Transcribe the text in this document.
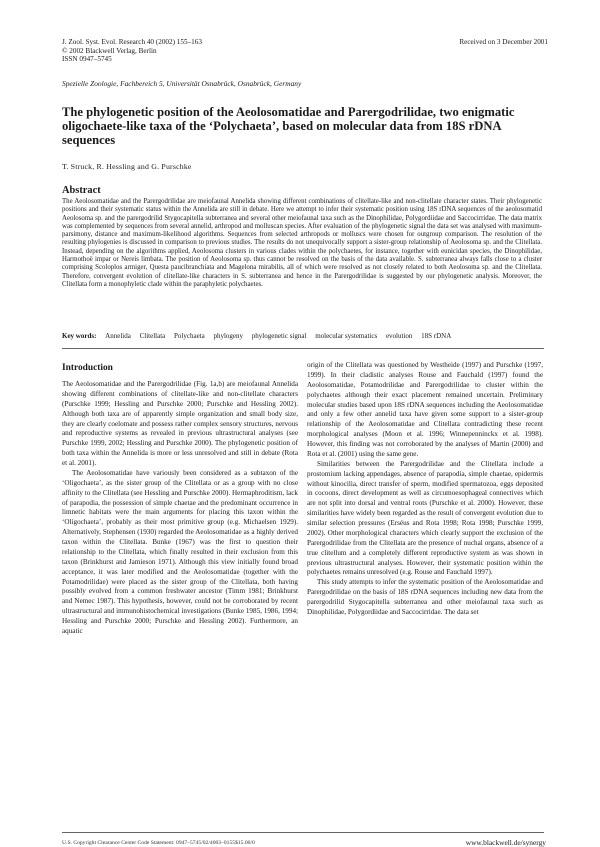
J. Zool. Syst. Evol. Research 40 (2002) 155–163
© 2002 Blackwell Verlag, Berlin
ISSN 0947–5745
Received on 3 December 2001
Spezielle Zoologie, Fachbereich 5, Universität Osnabrück, Osnabrück, Germany
The phylogenetic position of the Aeolosomatidae and Parergodrilidae, two enigmatic oligochaete-like taxa of the ‘Polychaeta’, based on molecular data from 18S rDNA sequences
T. Struck, R. Hessling and G. Purschke
Abstract

The Aeolosomatidae and the Parergodrilidae are meiofaunal Annelida showing different combinations of clitellate-like and non-clitellate character states. Their phylogenetic positions and their systematic status within the Annelida are still in debate. Here we attempt to infer their systematic position using 18S rDNA sequences of the aeolosomatid Aeolosoma sp. and the parergodrilid Stygocapitella subterranea and several other meiofaunal taxa such as the Dinophilidae, Polygordiidae and Saccocirridae. The data matrix was complemented by sequences from several annelid, arthropod and molluscan species. After evaluation of the phylogenetic signal the data set was analysed with maximum-parsimony, distance and maximum-likelihood algorithms. Sequences from selected arthropods or molluscs were chosen for outgroup comparison. The resolution of the resulting phylogenies is discussed in comparison to previous studies. The results do not unequivocally support a sister-group relationship of Aeolosoma sp. and the Clitellata. Instead, depending on the algorithms applied, Aeolosoma clusters in various clades within the polychaetes, for instance, together with eunicidan species, the Dinophilidae, Harmothoë impar or Nereis limbata. The position of Aeolosoma sp. thus cannot be resolved on the basis of the data available. S. subterranea always falls close to a cluster comprising Scoloplos armiger, Questa paucibranchiata and Magelona mirabilis, all of which were resolved as not closely related to both Aeolosoma sp. and the Clitellata. Therefore, convergent evolution of clitellate-like characters in S. subterranea and hence in the Parergodrilidae is suggested by our phylogenetic analysis. Moreover, the Clitellata form a monophyletic clade within the paraphyletic polychaetes.

Key words: Annelida Clitellata Polychaeta phylogeny phylogenetic signal molecular systematics evolution 18S rDNA
Introduction

The Aeolosomatidae and the Parergodrilidae (Fig. 1a,b) are meiofaunal Annelida showing different combinations of clitellate-like and non-clitellate characters (Purschke 1999; Hessling and Purschke 2000; Purschke and Hessling 2002). Although both taxa are of apparently simple organization and small body size, they are clearly coelomate and possess rather complex sensory structures, nervous and reproductive systems as revealed in previous ultrastructural analyses (see Purschke 1999, 2002; Hessling and Purschke 2000). The phylogenetic position of both taxa within the Annelida is more or less unresolved and still in debate (Rota et al. 2001).

The Aeolosomatidae have variously been considered as a subtaxon of the ‘Oligochaeta’, as the sister group of the Clitellata or as a group with no close affinity to the Clitellata (see Hessling and Purschke 2000). Hermaphroditism, lack of parapodia, the possession of simple chaetae and the predominant occurrence in limnetic habitats were the main arguments for placing this taxon within the ‘Oligochaeta’, probably as their most primitive group (e.g. Michaelsen 1929). Alternatively, Stephensen (1930) regarded the Aeolosomatidae as a highly derived taxon within the Clitellata. Bunke (1967) was the first to question their relationship to the Clitellata, which finally resulted in their exclusion from this taxon (Brinkhurst and Jamieson 1971). Although this view initially found broad acceptance, it was later modified and the Aeolosomatidae (together with the Potamodrilidae) were placed as the sister group of the Clitellata, both having possibly evolved from a common freshwater ancestor (Timm 1981; Brinkhurst and Nemec 1987). This hypothesis, however, could not be corroborated by recent ultrastructural and immunohistochemical investigations (Bunke 1985, 1986, 1994; Hessling and Purschke 2000; Purschke and Hessling 2002). Furthermore, an aquatic

origin of the Clitellata was questioned by Westheide (1997) and Purschke (1997, 1999). In their cladistic analyses Rouse and Fauchald (1997) found the Aeolosomatidae, Potamodrilidae and Parergodrilidae to cluster within the polychaetes although their exact placement remained uncertain. Preliminary molecular studies based upon 18S rDNA sequences including the Aeolosomatidae and only a few other annelid taxa have given some support to a sister-group relationship of the Aeolosomatidae and Clitellata contradicting these recent morphological analyses (Moon et al. 1996; Winnepenninckx et al. 1998). However, this finding was not corroborated by the analyses of Martin (2000) and Rota et al. (2001) using the same gene.

Similarities between the Parergodrilidae and the Clitellata include a prostomium lacking appendages, absence of parapodia, simple chaetae, epidermis without kinocilia, direct transfer of sperm, modified spermatozoa, eggs deposited in cocoons, direct development as well as circumoesophageal connectives which are not split into dorsal and ventral roots (Purschke et al. 2000). However, these similarities have widely been regarded as the result of convergent evolution due to similar selection pressures (Erséus and Rota 1998; Rota 1998; Purschke 1999, 2002). Other morphological characters which clearly support the exclusion of the Parergodrilidae from the Clitellata are the presence of nuchal organs, absence of a true clitellum and a completely different reproductive system as was shown in previous ultrastructural analyses. However, their systematic position within the polychaetes remains unresolved (e.g. Rouse and Fauchald 1997).

This study attempts to infer the systematic position of the Aeolosomatidae and Parergodrilidae on the basis of 18S rDNA sequences including new data from the parergodrilid Stygocapitella subterranea and other meiofaunal taxa such as Dinophilidae, Polygordiidae and Saccocirridae. The data set

U.S. Copyright Clearance Center Code Statement: 0947–5745/02/4003–0155$15.00/0	www.blackwell.de/synergy
